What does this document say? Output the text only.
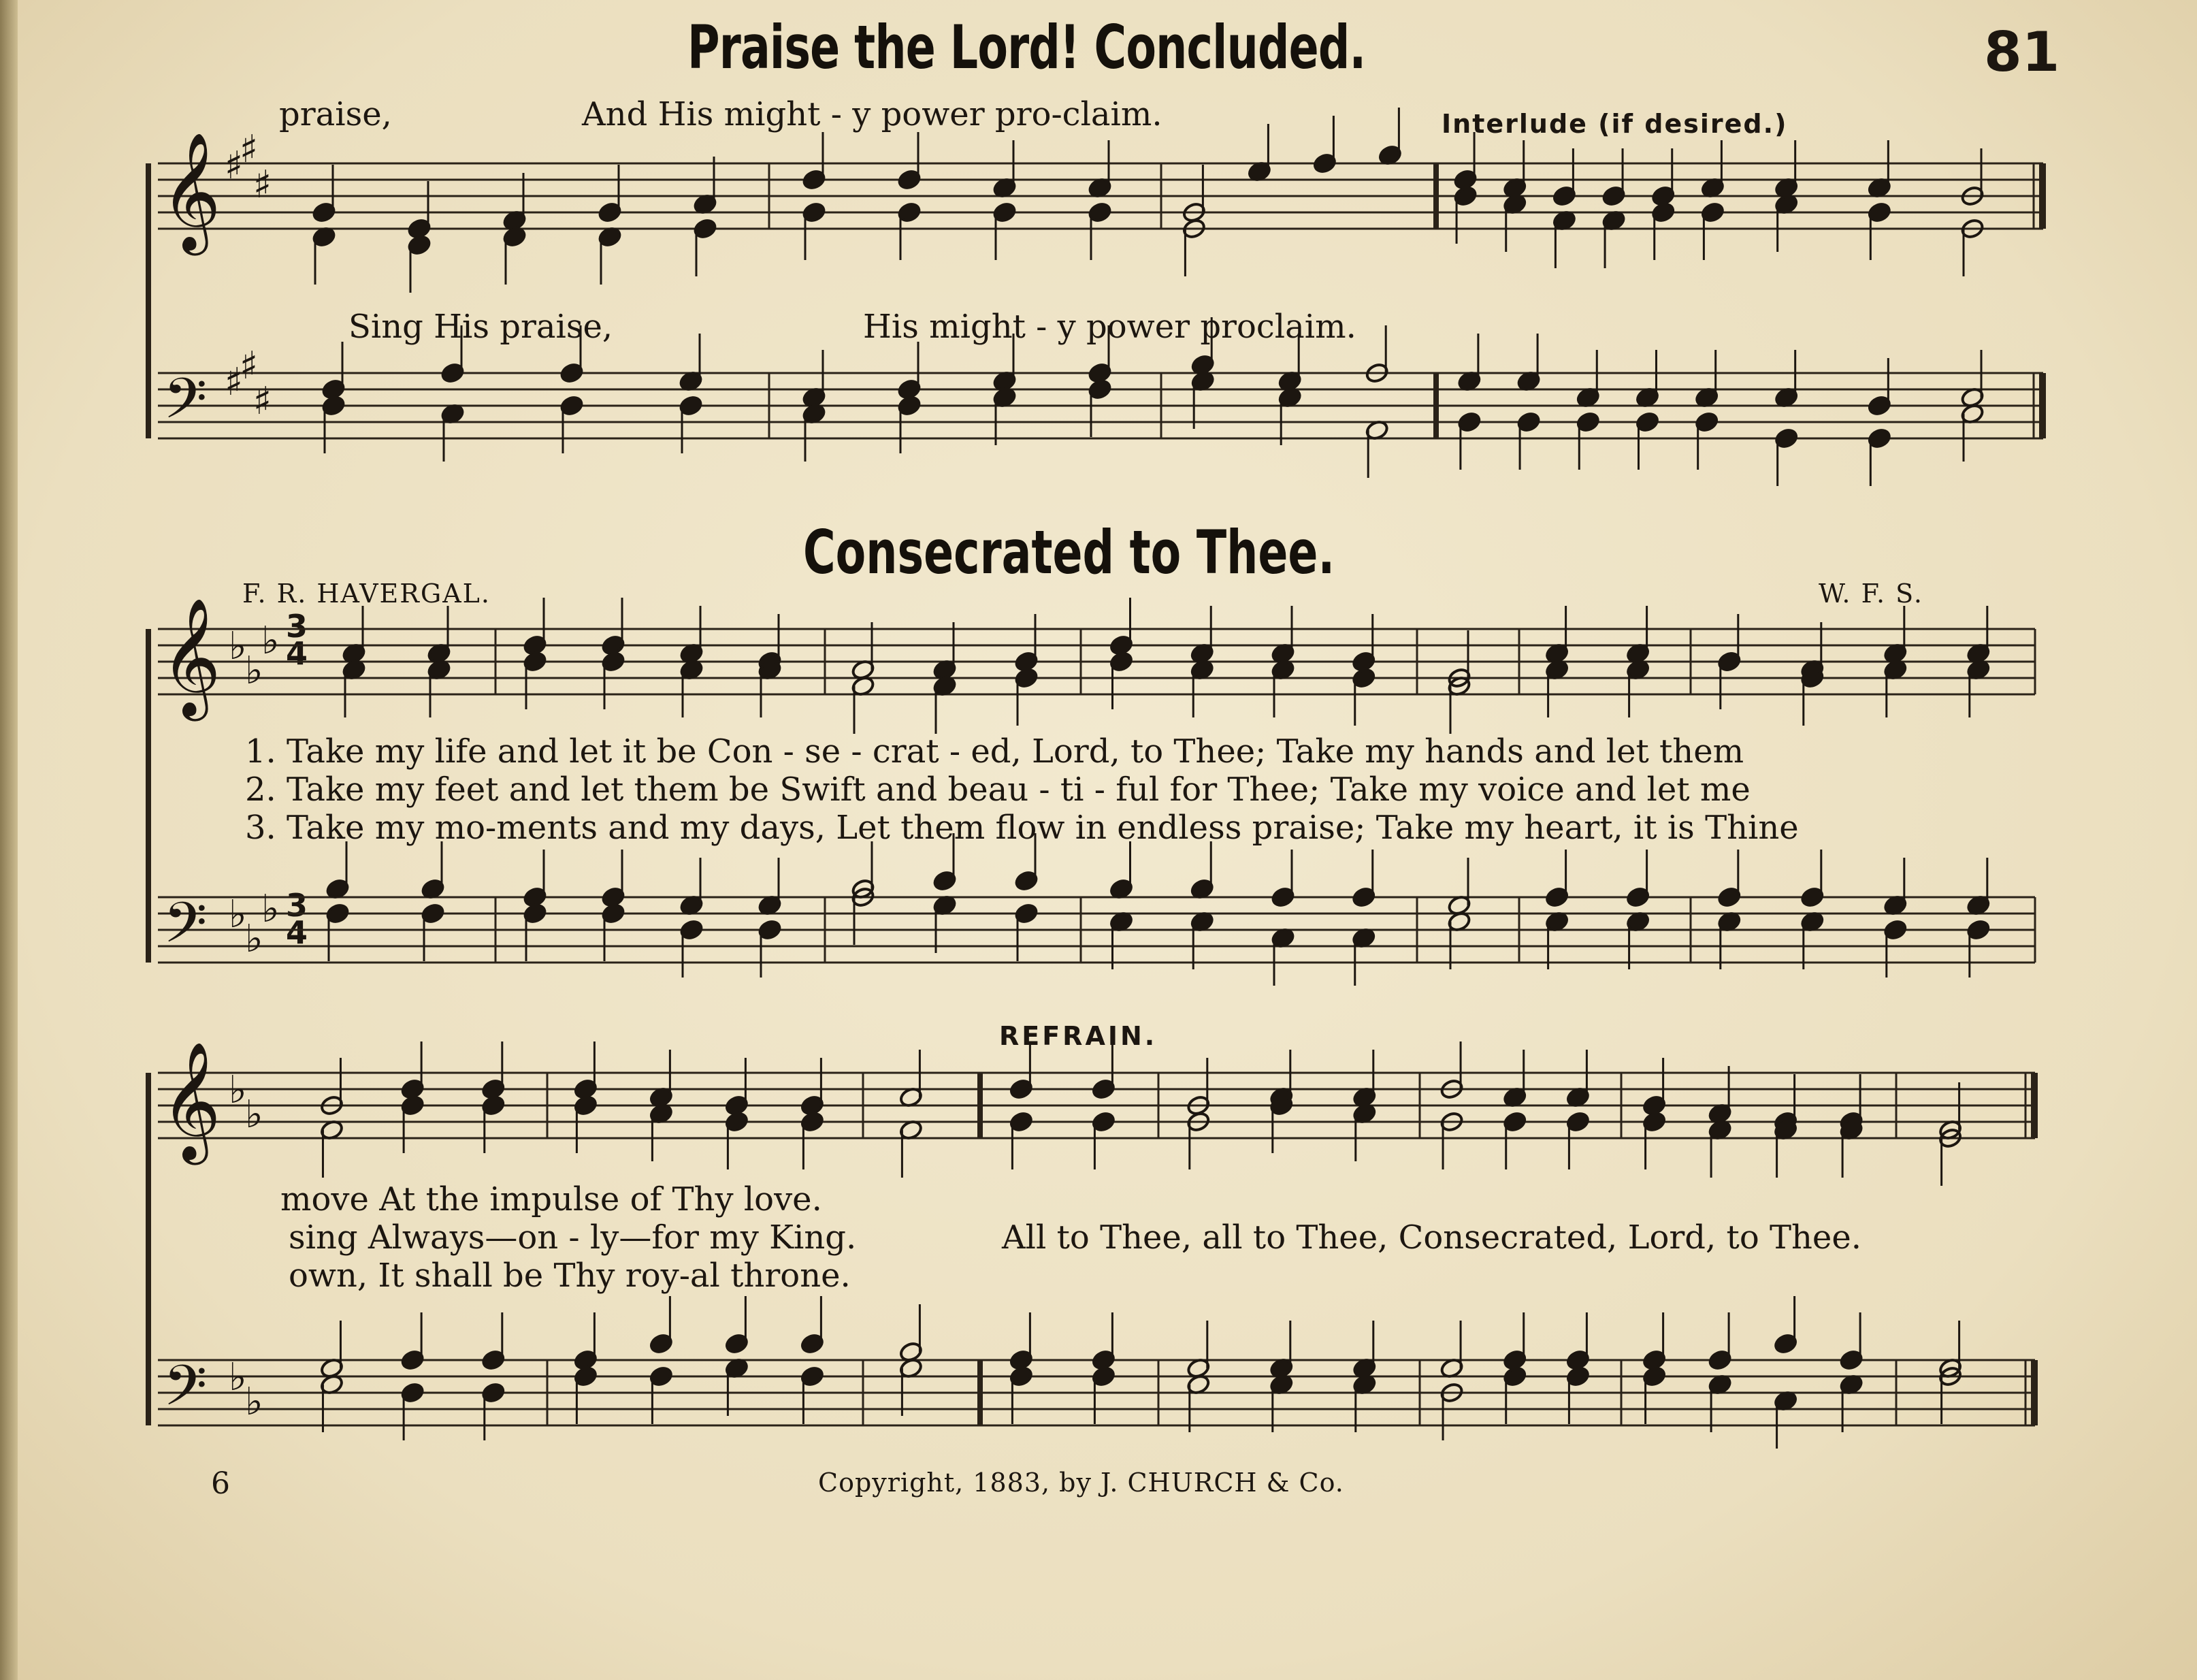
Praise the Lord! Concluded.	81
praise,	And His might - y power pro-claim.	Interlude (if desired.)
Sing His praise,	His might - y power proclaim.
Consecrated to Thee.
F. R. HAVERGAL.	W. F. S.
1. Take my life and let it be Con - se - crat - ed, Lord, to Thee; Take my hands and let them
2. Take my feet and let them be Swift and beau - ti - ful for Thee; Take my voice and let me
3. Take my mo-ments and my days, Let them flow in endless praise; Take my heart, it is Thine
REFRAIN.
move At the impulse of Thy love.
sing Always—on - ly—for my King.
own, It shall be Thy roy-al throne.
All to Thee, all to Thee, Consecrated, Lord, to Thee.
6	Copyright, 1883, by J. CHURCH & Co.
3
4
3
4
𝄞
𝄢
♯
♯
♯
♯
♯
♯
𝄞
𝄢
♭
♭
♭
♭
♭
♭
𝄞
𝄢
♭
♭
♭
♭
